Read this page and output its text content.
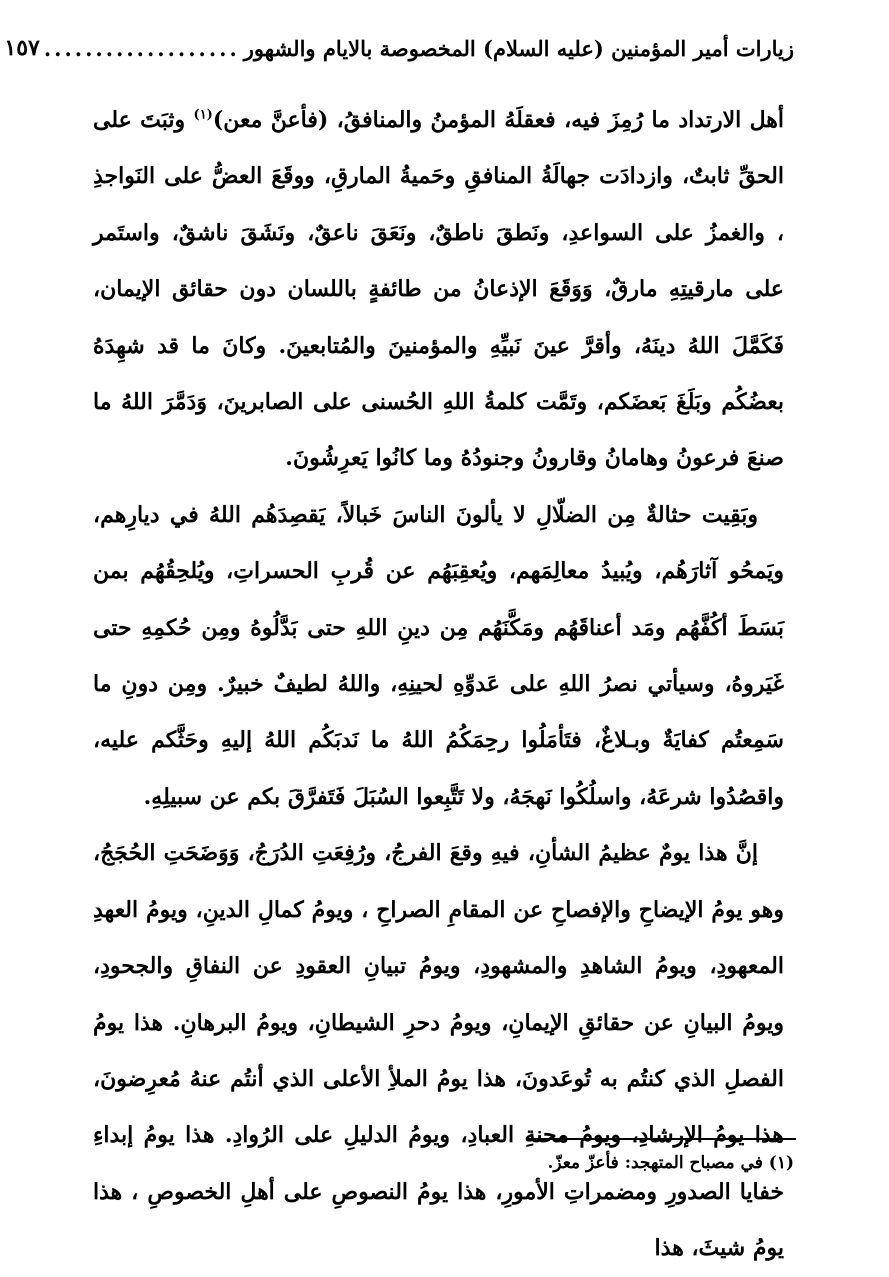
زيارات أمير المؤمنين (عليه السلام) المخصوصة بالايام والشهور
...................
١٥٧

أهل الارتداد ما رُمِزَ فيه، فعقلَهُ المؤمنُ والمنافقُ، (فأعنَّ معن)$^{(١)}$ وثبَتَ على الحقِّ ثابتٌ، وازدادَت جهالَةُ المنافقِ وحَميةُ المارقِ، ووقَعَ العضُّ على النَواجذِ ، والغمزُ على السواعدِ، ونَطقَ ناطقٌ، ونَعَقَ ناعقٌ، ونَشَقَ ناشقٌ، واستَمر على مارقيتِهِ مارقٌ، وَوَقَعَ الإذعانُ من طائفةٍ باللسان دون حقائق الإيمان، فَكَمَّلَ اللهُ دينَهُ، وأقرَّ عينَ نَبيِّهِ والمؤمنينَ والمُتابعينَ. وكانَ ما قد شهِدَهُ بعضُكُم وبَلَغَ بَعضَكم، وتَمَّت كلمةُ اللهِ الحُسنى على الصابرينَ، وَدَمَّرَ اللهُ ما صنعَ فرعونُ وهامانُ وقارونُ وجنودُهُ وما كانُوا يَعرِشُونَ.

وبَقِيت حثالةٌ مِن الضلّالِ لا يألونَ الناسَ خَبالاً، يَقصِدَهُم اللهُ في ديارِهم، ويَمحُو آثارَهُم، ويُبيدُ معالِمَهم، ويُعقِبَهُم عن قُربِ الحسراتِ، ويُلحِقُهُم بمن بَسَطَ أكُفَّهُم ومَد أعناقَهُم ومَكَّنَهُم مِن دينِ اللهِ حتى بَدَّلُوهُ ومِن حُكمِهِ حتى غَيَروهُ، وسيأتي نصرُ اللهِ على عَدوِّهِ لحينِهِ، واللهُ لطيفٌ خبيرٌ. ومِن دونِ ما سَمِعتُم كفايَةٌ وبـلاغٌ، فتَأمَلُوا رحِمَكُمُ اللهُ ما نَدبَكُم اللهُ إليهِ وحَثَّكم عليه، واقصُدُوا شرعَهُ، واسلُكُوا نَهجَهُ، ولا تَتَّبِعوا السُبَلَ فَتَفرَّقَ بكم عن سبيلِهِ.

إنَّ هذا يومٌ عظيمُ الشأنِ، فيهِ وقعَ الفرجُ، ورُفِعَتِ الدُرَجُ، وَوَضَحَتِ الحُجَجُ، وهو يومُ الإيضاحِ والإفصاحِ عن المقامِ الصراحِ ، ويومُ كمالِ الدينِ، ويومُ العهدِ المعهودِ، ويومُ الشاهدِ والمشهودِ، ويومُ تبيانِ العقودِ عن النفاقِ والجحودِ، ويومُ البيانِ عن حقائقِ الإيمانِ، ويومُ دحرِ الشيطانِ، ويومُ البرهانِ. هذا يومُ الفصلِ الذي كنتُم به تُوعَدونَ، هذا يومُ الملأِ الأعلى الذي أنتُم عنهُ مُعرِضونَ، هذا يومُ الإرشادِ، ويومُ محنةِ العبادِ، ويومُ الدليلِ على الرُوادِ. هذا يومُ إبداءِ خفايا الصدورِ ومضمراتِ الأمورِ، هذا يومُ النصوصِ على أهلِ الخصوصِ ، هذا يومُ شيثَ، هذا

(١) في مصباح المتهجد: فأعزّ معزّ.
